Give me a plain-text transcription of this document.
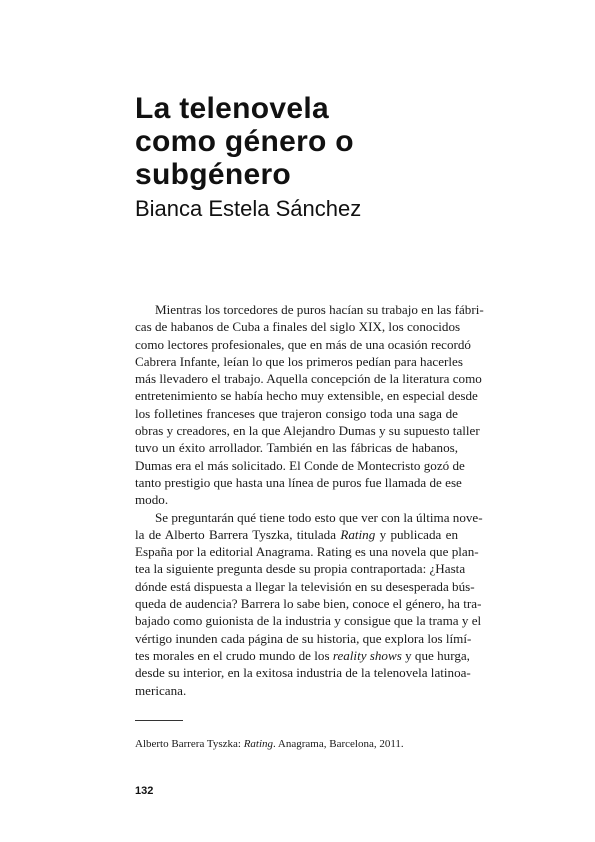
La telenovela
como género o
subgénero
Bianca Estela Sánchez
Mientras los torcedores de puros hacían su trabajo en las fábri-
cas de habanos de Cuba a finales del siglo XIX, los conocidos
como lectores profesionales, que en más de una ocasión recordó
Cabrera Infante, leían lo que los primeros pedían para hacerles
más llevadero el trabajo. Aquella concepción de la literatura como
entretenimiento se había hecho muy extensible, en especial desde
los folletines franceses que trajeron consigo toda una saga de
obras y creadores, en la que Alejandro Dumas y su supuesto taller
tuvo un éxito arrollador. También en las fábricas de habanos,
Dumas era el más solicitado. El Conde de Montecristo gozó de
tanto prestigio que hasta una línea de puros fue llamada de ese
modo.
Se preguntarán qué tiene todo esto que ver con la última nove-
la de Alberto Barrera Tyszka, titulada Rating y publicada en
España por la editorial Anagrama. Rating es una novela que plan-
tea la siguiente pregunta desde su propia contraportada: ¿Hasta
dónde está dispuesta a llegar la televisión en su desesperada bús-
queda de audencia? Barrera lo sabe bien, conoce el género, ha tra-
bajado como guionista de la industria y consigue que la trama y el
vértigo inunden cada página de su historia, que explora los límí-
tes morales en el crudo mundo de los reality shows y que hurga,
desde su interior, en la exitosa industria de la telenovela latinoa-
mericana.
Alberto Barrera Tyszka: Rating. Anagrama, Barcelona, 2011.
132
